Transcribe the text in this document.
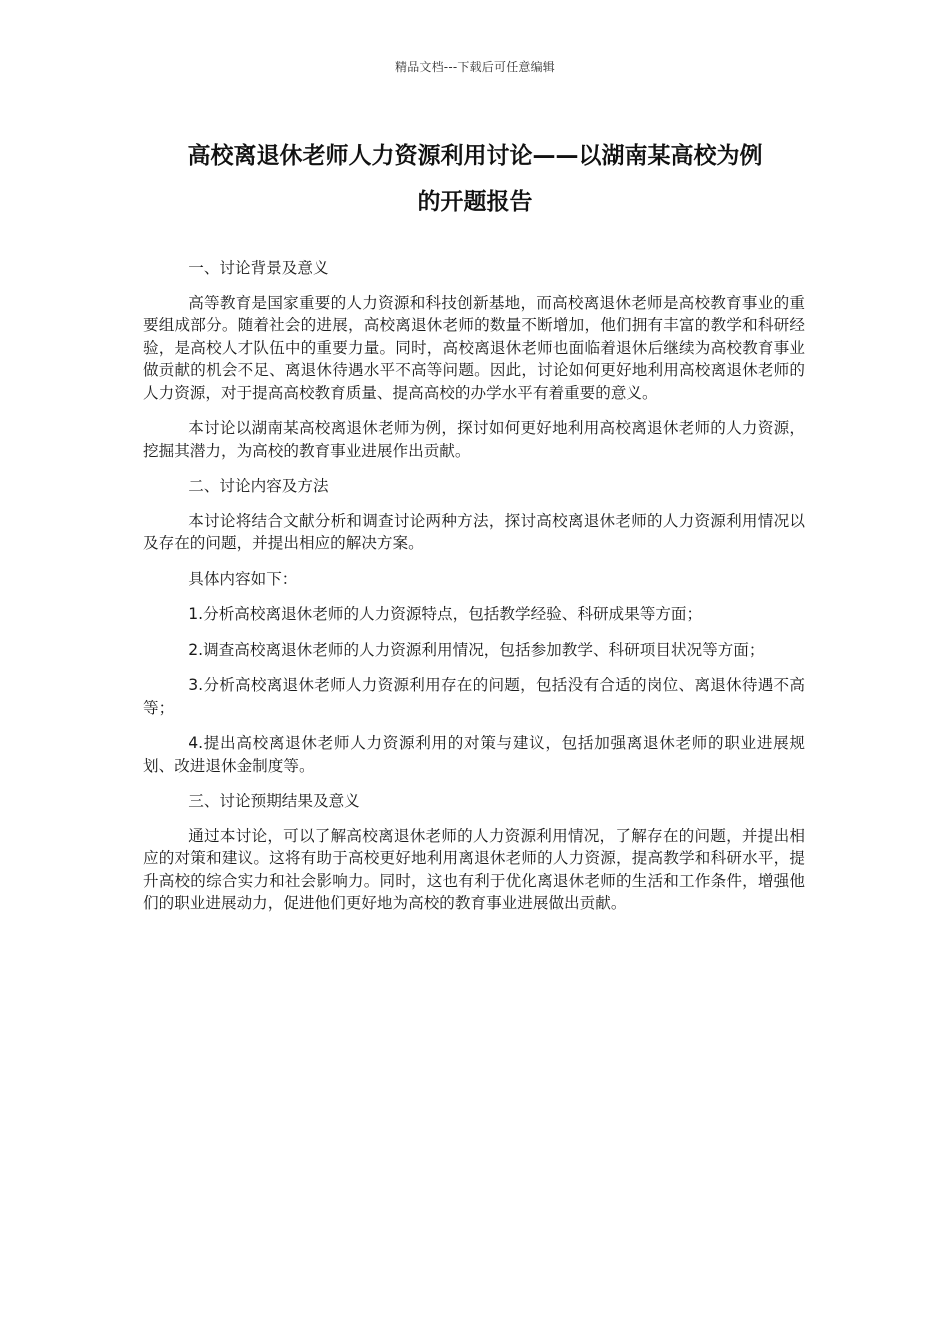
精品文档---下载后可任意编辑
高校离退休老师人力资源利用讨论——以湖南某高校为例
的开题报告

一、讨论背景及意义

高等教育是国家重要的人力资源和科技创新基地，而高校离退休老师是高校教育事业的重要组成部分。随着社会的进展，高校离退休老师的数量不断增加，他们拥有丰富的教学和科研经验，是高校人才队伍中的重要力量。同时，高校离退休老师也面临着退休后继续为高校教育事业做贡献的机会不足、离退休待遇水平不高等问题。因此，讨论如何更好地利用高校离退休老师的人力资源，对于提高高校教育质量、提高高校的办学水平有着重要的意义。

本讨论以湖南某高校离退休老师为例，探讨如何更好地利用高校离退休老师的人力资源，挖掘其潜力，为高校的教育事业进展作出贡献。

二、讨论内容及方法

本讨论将结合文献分析和调查讨论两种方法，探讨高校离退休老师的人力资源利用情况以及存在的问题，并提出相应的解决方案。

具体内容如下：

1.分析高校离退休老师的人力资源特点，包括教学经验、科研成果等方面；

2.调查高校离退休老师的人力资源利用情况，包括参加教学、科研项目状况等方面；

3.分析高校离退休老师人力资源利用存在的问题，包括没有合适的岗位、离退休待遇不高等；

4.提出高校离退休老师人力资源利用的对策与建议，包括加强离退休老师的职业进展规划、改进退休金制度等。

三、讨论预期结果及意义

通过本讨论，可以了解高校离退休老师的人力资源利用情况，了解存在的问题，并提出相应的对策和建议。这将有助于高校更好地利用离退休老师的人力资源，提高教学和科研水平，提升高校的综合实力和社会影响力。同时，这也有利于优化离退休老师的生活和工作条件，增强他们的职业进展动力，促进他们更好地为高校的教育事业进展做出贡献。
